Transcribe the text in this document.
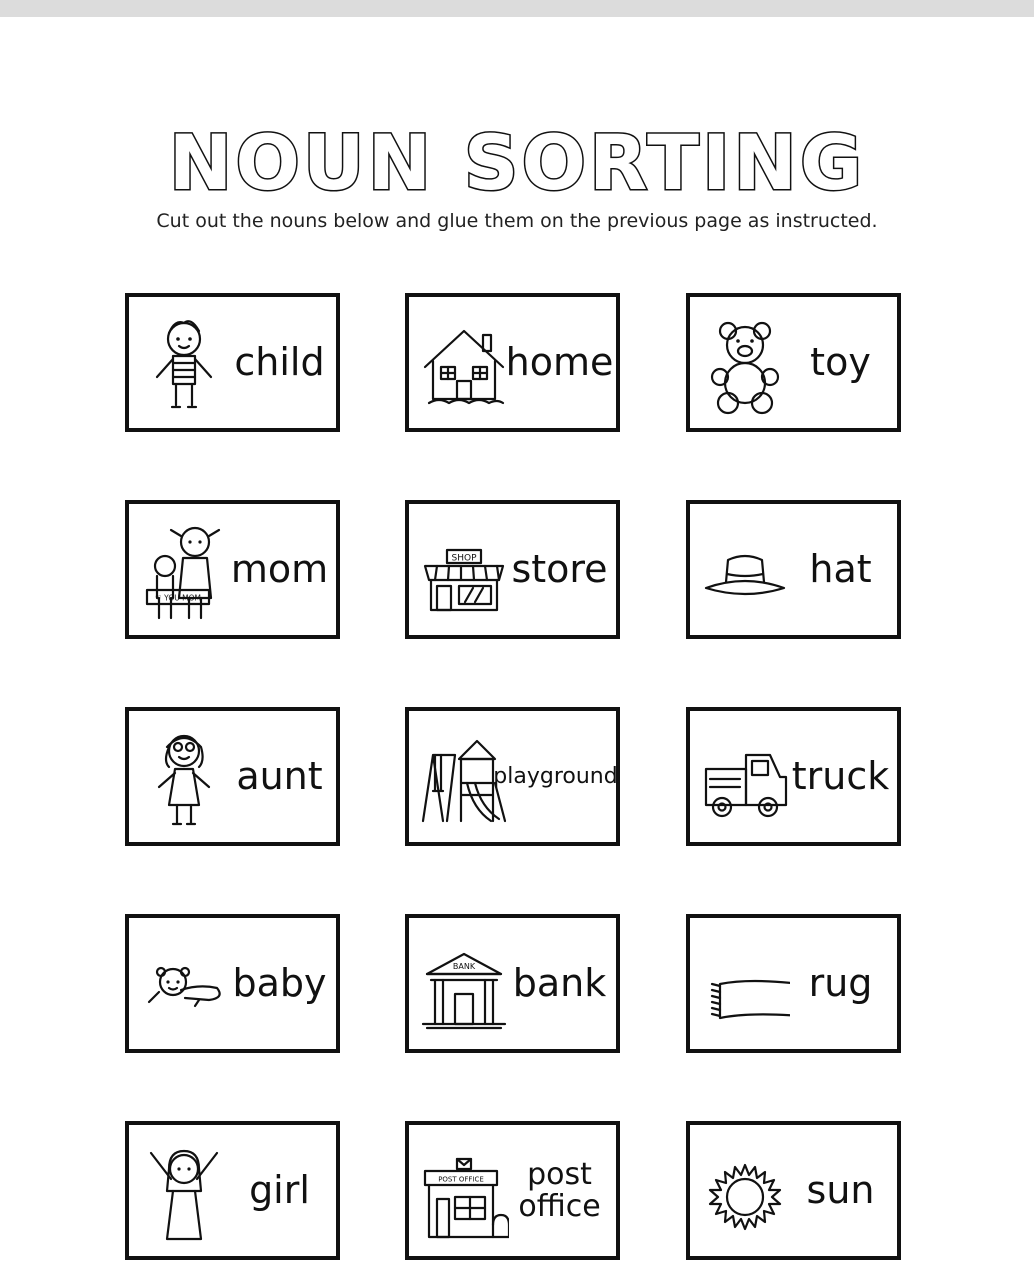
NOUN SORTING
Cut out the nouns below and glue them on the previous page as instructed.
child	home	toy
♡ YOU MOM
mom	SHOP store	hat
aunt	playground	truck
baby	BANK bank	rug
girl	POST OFFICE	post office	sun
